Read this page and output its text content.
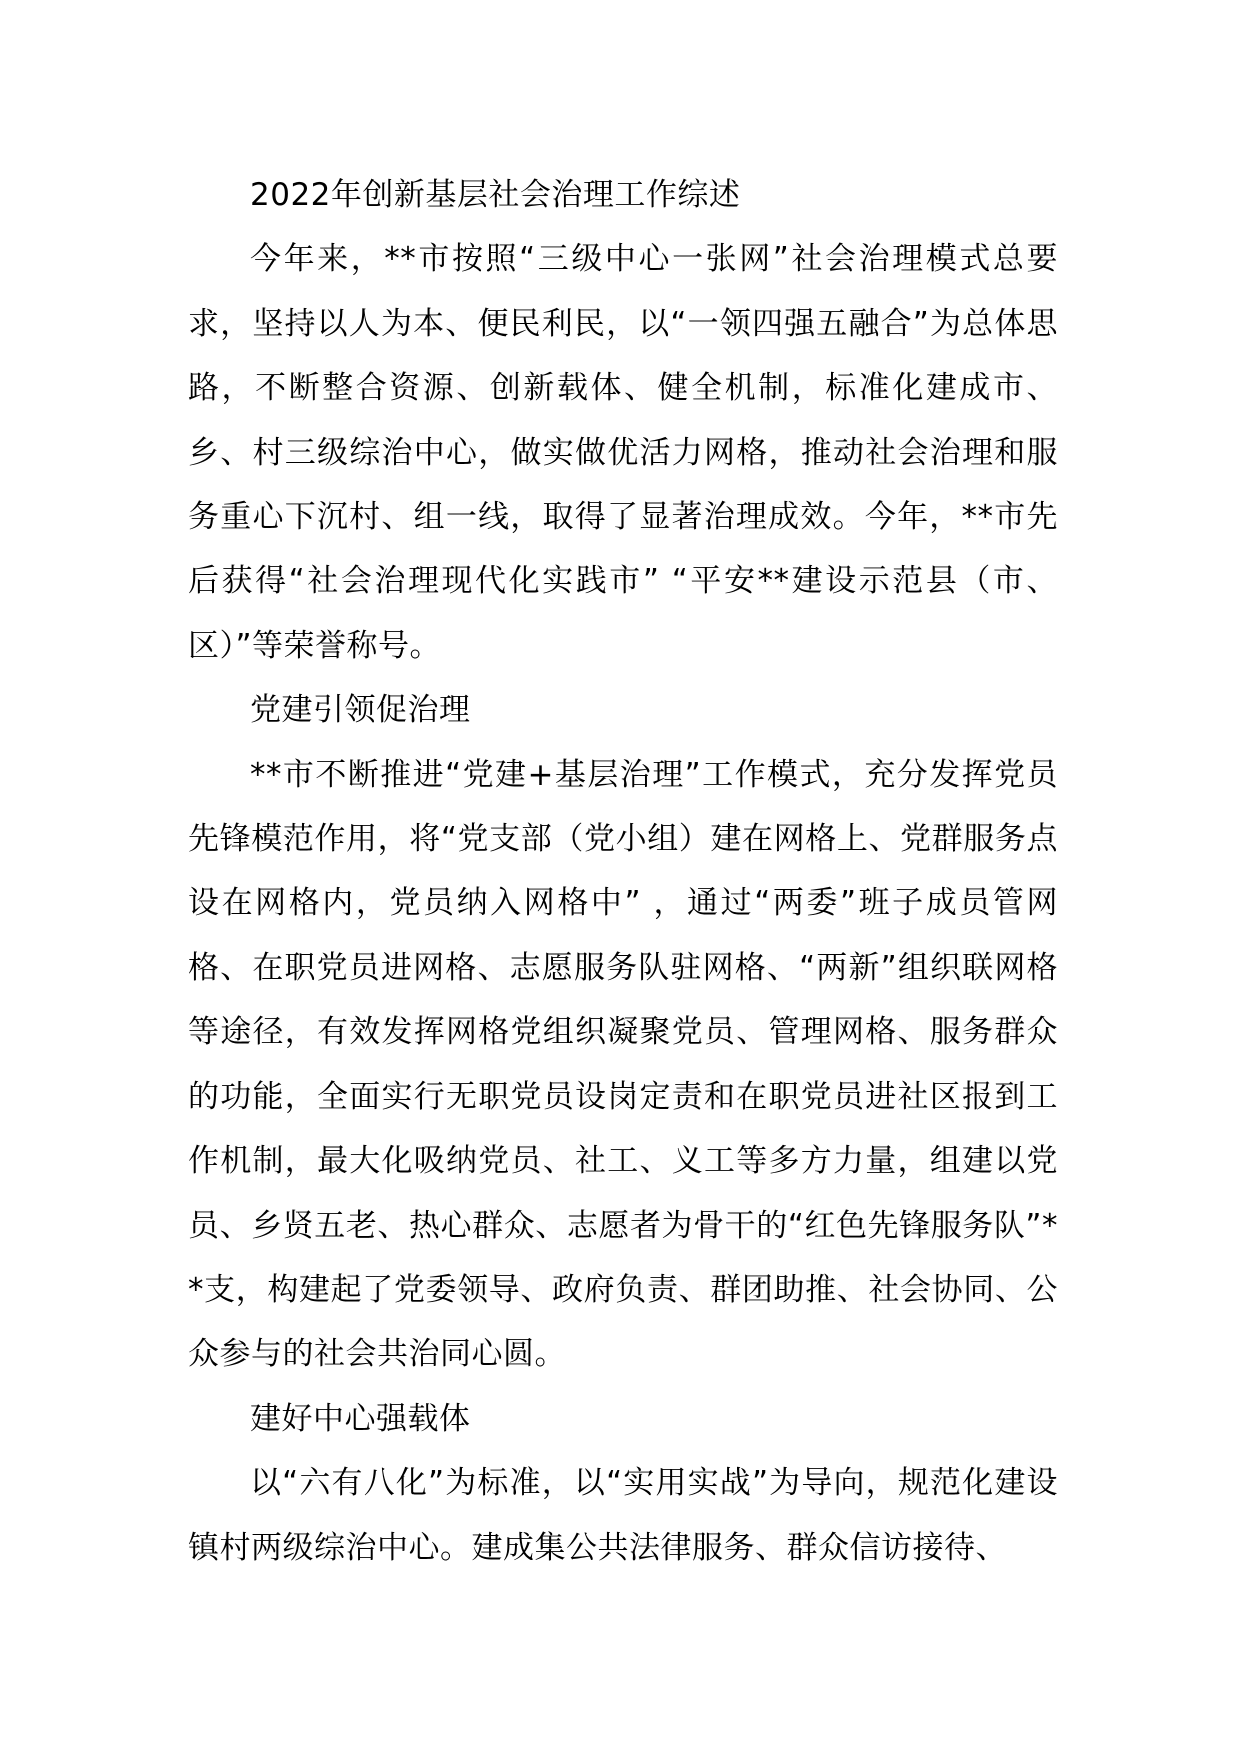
2022年创新基层社会治理工作综述

今年来，**市按照“三级中心一张网”社会治理模式总要求，坚持以人为本、便民利民，以“一领四强五融合”为总体思路，不断整合资源、创新载体、健全机制，标准化建成市、乡、村三级综治中心，做实做优活力网格，推动社会治理和服务重心下沉村、组一线，取得了显著治理成效。今年，**市先后获得“社会治理现代化实践市” “平安**建设示范县（市、区）”等荣誉称号。

党建引领促治理

**市不断推进“党建+基层治理”工作模式，充分发挥党员先锋模范作用，将“党支部（党小组）建在网格上、党群服务点设在网格内，党员纳入网格中” ，通过“两委”班子成员管网格、在职党员进网格、志愿服务队驻网格、“两新”组织联网格等途径，有效发挥网格党组织凝聚党员、管理网格、服务群众的功能，全面实行无职党员设岗定责和在职党员进社区报到工作机制，最大化吸纳党员、社工、义工等多方力量，组建以党员、乡贤五老、热心群众、志愿者为骨干的“红色先锋服务队”**支，构建起了党委领导、政府负责、群团助推、社会协同、公众参与的社会共治同心圆。

建好中心强载体

以“六有八化”为标准，以“实用实战”为导向，规范化建设镇村两级综治中心。建成集公共法律服务、群众信访接待、
